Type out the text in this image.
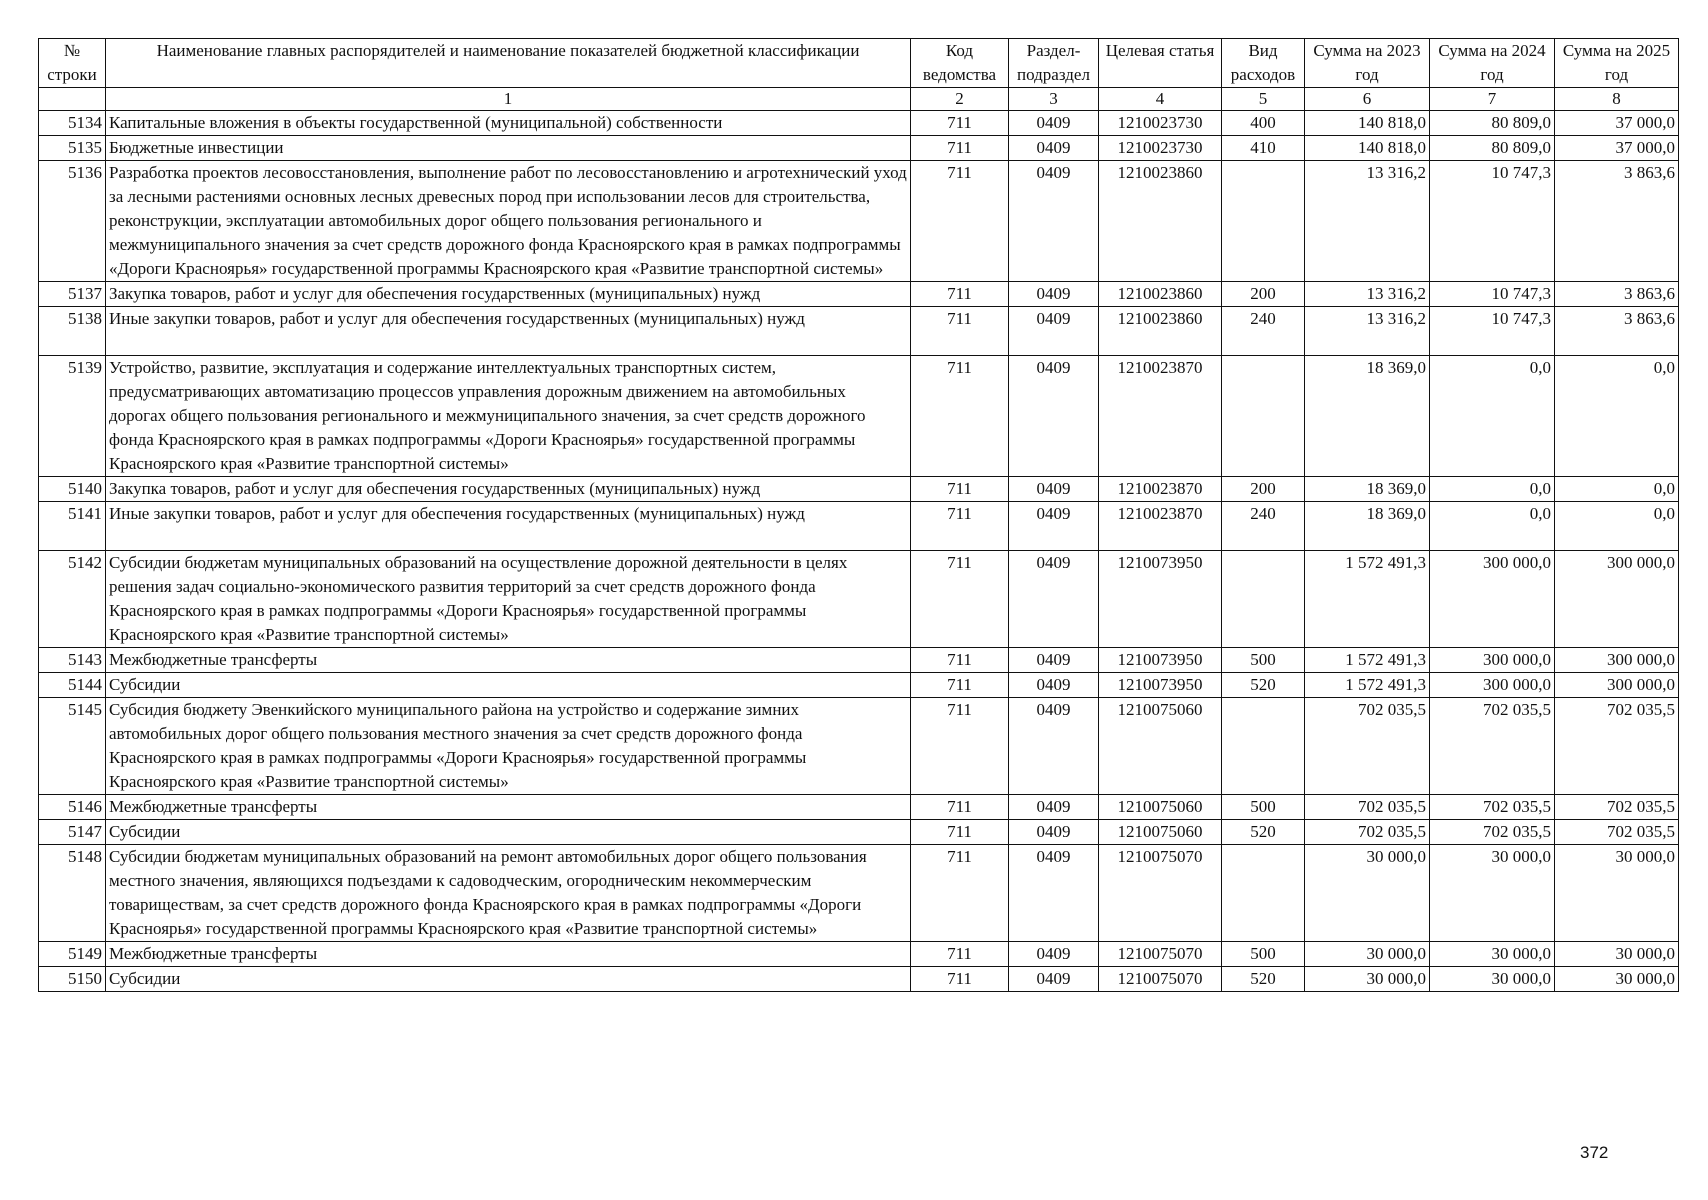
№ строки	Наименование главных распорядителей и наименование показателей бюджетной классификации	Код ведомства	Раздел-подраздел	Целевая статья	Вид расходов	Сумма на 2023 год	Сумма на 2024 год	Сумма на 2025 год
	1	2	3	4	5	6	7	8
5134	Капитальные вложения в объекты государственной (муниципальной) собственности	711	0409	1210023730	400	140 818,0	80 809,0	37 000,0
5135	Бюджетные инвестиции	711	0409	1210023730	410	140 818,0	80 809,0	37 000,0
5136	Разработка проектов лесовосстановления, выполнение работ по лесовосстановлению и агротехнический уход за лесными растениями основных лесных древесных пород при использовании лесов для строительства, реконструкции, эксплуатации автомобильных дорог общего пользования регионального и межмуниципального значения за счет средств дорожного фонда Красноярского края в рамках подпрограммы «Дороги Красноярья» государственной программы Красноярского края «Развитие транспортной системы»	711	0409	1210023860		13 316,2	10 747,3	3 863,6
5137	Закупка товаров, работ и услуг для обеспечения государственных (муниципальных) нужд	711	0409	1210023860	200	13 316,2	10 747,3	3 863,6
5138	Иные закупки товаров, работ и услуг для обеспечения государственных (муниципальных) нужд	711	0409	1210023860	240	13 316,2	10 747,3	3 863,6
5139	Устройство, развитие, эксплуатация и содержание интеллектуальных транспортных систем, предусматривающих автоматизацию процессов управления дорожным движением на автомобильных дорогах общего пользования регионального и межмуниципального значения, за счет средств дорожного фонда Красноярского края в рамках подпрограммы «Дороги Красноярья» государственной программы Красноярского края «Развитие транспортной системы»	711	0409	1210023870		18 369,0	0,0	0,0
5140	Закупка товаров, работ и услуг для обеспечения государственных (муниципальных) нужд	711	0409	1210023870	200	18 369,0	0,0	0,0
5141	Иные закупки товаров, работ и услуг для обеспечения государственных (муниципальных) нужд	711	0409	1210023870	240	18 369,0	0,0	0,0
5142	Субсидии бюджетам муниципальных образований на осуществление дорожной деятельности в целях решения задач социально-экономического развития территорий за счет средств дорожного фонда Красноярского края в рамках подпрограммы «Дороги Красноярья» государственной программы Красноярского края «Развитие транспортной системы»	711	0409	1210073950		1 572 491,3	300 000,0	300 000,0
5143	Межбюджетные трансферты	711	0409	1210073950	500	1 572 491,3	300 000,0	300 000,0
5144	Субсидии	711	0409	1210073950	520	1 572 491,3	300 000,0	300 000,0
5145	Субсидия бюджету Эвенкийского муниципального района на устройство и содержание зимних автомобильных дорог общего пользования местного значения за счет средств дорожного фонда Красноярского края в рамках подпрограммы «Дороги Красноярья» государственной программы Красноярского края «Развитие транспортной системы»	711	0409	1210075060		702 035,5	702 035,5	702 035,5
5146	Межбюджетные трансферты	711	0409	1210075060	500	702 035,5	702 035,5	702 035,5
5147	Субсидии	711	0409	1210075060	520	702 035,5	702 035,5	702 035,5
5148	Субсидии бюджетам муниципальных образований на ремонт автомобильных дорог общего пользования местного значения, являющихся подъездами к садоводческим, огородническим некоммерческим товариществам, за счет средств дорожного фонда Красноярского края в рамках подпрограммы «Дороги Красноярья» государственной программы Красноярского края «Развитие транспортной системы»	711	0409	1210075070		30 000,0	30 000,0	30 000,0
5149	Межбюджетные трансферты	711	0409	1210075070	500	30 000,0	30 000,0	30 000,0
5150	Субсидии	711	0409	1210075070	520	30 000,0	30 000,0	30 000,0
372
